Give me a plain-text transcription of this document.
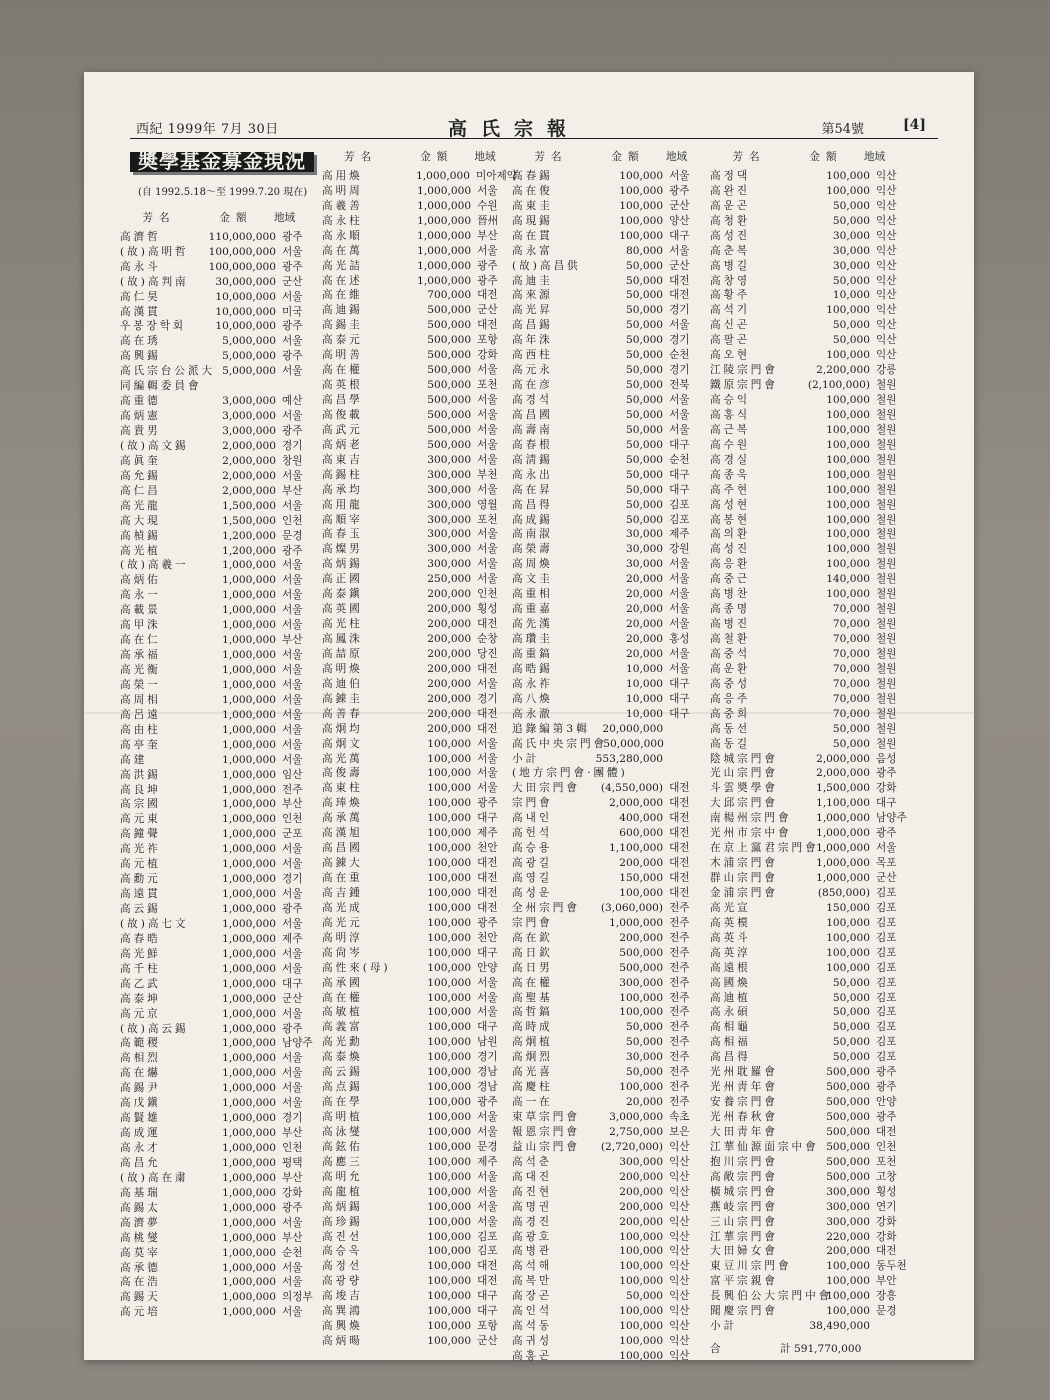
西紀 1999年 7月 30日	高氏宗報	第54號	[4]
奬學基金募金現況
(自 1992.5.18～至 1999.7.20 現在)
芳名	金額	地域
高濟哲	110,000,000 광주
(故)高明哲	100,000,000 서울
高永斗	100,000,000 광주
(故)高判南	30,000,000 군산
高仁昊	10,000,000 서울
高漢貫	10,000,000 미국
우봉장학회	10,000,000 광주
高在琇	5,000,000 서울
高興錫	5,000,000 광주
高氏宗台公派大 5,000,000 서울
同編輯委員會
高重德	3,000,000 예산
高炳憲	3,000,000 서울
高貴男	3,000,000 광주
(故)高文錫	2,000,000 경기
高眞奎	2,000,000 창원
高允錫	2,000,000 서울
高仁昌	2,000,000 부산
高光龍	1,500,000 서울
高大現	1,500,000 인천
高楨錫	1,200,000 문경
高光植	1,200,000 광주
(故)高羲一	1,000,000 서울
高炳佑	1,000,000 서울
高永一	1,000,000 서울
高載景	1,000,000 서울
高甲洙	1,000,000 서울
高在仁	1,000,000 부산
高承福	1,000,000 서울
高光衡	1,000,000 서울
高榮一	1,000,000 서울
高周相	1,000,000 서울
高呂遠	1,000,000 서울
高由柱	1,000,000 서울
高亭奎	1,000,000 서울
高建	1,000,000 서울
高洪錫	1,000,000 임산
高良坤	1,000,000 전주
高宗國	1,000,000 부산
高元東	1,000,000 인천
高鐘聲	1,000,000 군포
高光祚	1,000,000 서울
高元植	1,000,000 서울
高勳元	1,000,000 경기
高遠貫	1,000,000 서울
高云錫	1,000,000 광주
(故)高七文	1,000,000 서울
高春晧	1,000,000 제주
高光鮮	1,000,000 서울
高千柱	1,000,000 서울
高乙武	1,000,000 대구
高泰坤	1,000,000 군산
高元京	1,000,000 서울
(故)高云錫	1,000,000 광주
高範稷	1,000,000 남양주
高相烈	1,000,000 서울
高在爀	1,000,000 서울
高錫尹	1,000,000 서울
高戊鎭	1,000,000 서울
高賢雄	1,000,000 경기
高成運	1,000,000 부산
高永才	1,000,000 인천
高昌允	1,000,000 평택
(故)高在粛	1,000,000 부산
高基瑞	1,000,000 강화
高錫太	1,000,000 광주
高濟夢	1,000,000 서울
高桃燮	1,000,000 부산
高莫宰	1,000,000 순천
高承德	1,000,000 서울
高在浩	1,000,000 서울
高錫天	1,000,000 의정부
高元培	1,000,000 서울
芳名	金額	地域
高用煥	1,000,000 미아제약
高明周	1,000,000 서울
高羲善	1,000,000 수원
高永柱	1,000,000 晉州
高永順	1,000,000 부산
高在萬	1,000,000 서울
高光詰	1,000,000 광주
高在述	1,000,000 광주
高在維	700,000 대전
高迪錫	500,000 군산
高錫圭	500,000 대전
高泰元	500,000 포항
高明善	500,000 강화
高在權	500,000 서울
高英根	500,000 포천
高昌學	500,000 서울
高俊載	500,000 서울
高武元	500,000 서울
高炳老	500,000 서울
高東吉	300,000 서울
高錫柱	300,000 부천
高承均	300,000 서울
高用龍	300,000 영월
高順宰	300,000 포천
高春玉	300,000 서울
高燦男	300,000 서울
高炳錫	300,000 서울
高正國	250,000 서울
高泰鎭	200,000 인천
高英國	200,000 횡성
高光柱	200,000 대전
高鳳洙	200,000 순창
高喆原	200,000 당진
高明煥	200,000 대전
高迪伯	200,000 서울
高錬圭	200,000 경기
高善春	200,000 대전
高炯均	200,000 대전
高炯文	100,000 서울
高光萬	100,000 서울
高俊壽	100,000 서울
高東柱	100,000 서울
高琫煥	100,000 광주
高承萬	100,000 대구
高漢旭	100,000 제주
高昌國	100,000 천안
高錬大	100,000 대전
高在重	100,000 대전
高吉鍾	100,000 대전
高光成	100,000 대전
高光元	100,000 광주
高明淳	100,000 천안
高尙岑	100,000 대구
高性來(母)	100,000 안양
高承國	100,000 서울
高在權	100,000 서울
高敏植	100,000 서울
高義富	100,000 대구
高光勳	100,000 남원
高泰煥	100,000 경기
高云錫	100,000 경남
高点錫	100,000 경남
高在學	100,000 광주
高明植	100,000 서울
高泳燮	100,000 서울
高鉉佑	100,000 문경
高應三	100,000 제주
高明允	100,000 서울
高龍植	100,000 서울
高炳錫	100,000 서울
高珍錫	100,000 서울
高진선	100,000 김포
高승옥	100,000 김포
高정선	100,000 대전
高광량	100,000 대전
高埈吉	100,000 대구
高巽鴻	100,000 대구
高興煥	100,000 포항
高炳暘	100,000 군산
芳名	金額	地域
高春錫	100,000 서울
高在俊	100,000 광주
高東圭	100,000 군산
高現錫	100,000 양산
高在貫	100,000 대구
高永富	80,000 서울
(故)高昌供	50,000 군산
高迪圭	50,000 대전
高來源	50,000 대전
高光昇	50,000 경기
高昌錫	50,000 서울
高年洙	50,000 경기
高西柱	50,000 순천
高元永	50,000 경기
高在彦	50,000 전북
高경석	50,000 서울
高昌國	50,000 서울
高壽南	50,000 서울
高春根	50,000 대구
高淸錫	50,000 순천
高永出	50,000 대구
高在昇	50,000 대구
高昌得	50,000 김포
高成錫	50,000 김포
高南淑	30,000 제주
高榮壽	30,000 강원
高周煥	30,000 서울
高文圭	20,000 서울
高重相	20,000 서울
高重嘉	20,000 서울
高先漢	20,000 서울
高瓚圭	20,000 홍성
高重鎬	20,000 서울
高晧錫	10,000 서울
高永祚	10,000 대구
高八煥	10,000 대구
高永澈	10,000 대구
追錄編第3輯	20,000,000
高氏中央宗門會
50,000,000
小計	553,280,000
(地方宗門會·團體)
大田宗門會	(4,550,000) 대전
宗門會	2,000,000 대전
高내인	400,000 대전
高헌석	600,000 대전
高승용	1,100,000 대전
高광길	200,000 대전
高영길	150,000 대전
高성운	100,000 대전
全州宗門會	(3,060,000) 전주
宗門會	1,000,000 전주
高在欽	200,000 전주
高日欽	500,000 전주
高日男	500,000 전주
高在權	300,000 전주
高聖基	100,000 전주
高哲鎬	100,000 전주
高時成	50,000 전주
高炯植	50,000 전주
高炯烈	30,000 전주
高光喜	50,000 전주
高慶柱	100,000 전주
高一在	20,000 전주
束草宗門會	3,000,000 속초
報恩宗門會	2,750,000 보은
益山宗門會	(2,720,000) 익산
高석춘	300,000 익산
高대진	200,000 익산
高진현	200,000 익산
高명권	200,000 익산
高경진	200,000 익산
高광호	100,000 익산
高병관	100,000 익산
高석해	100,000 익산
高복만	100,000 익산
高장곤	50,000 익산
高인석	100,000 익산
高석동	100,000 익산
高귀성	100,000 익산
高홍곤	100,000 익산
芳名	金額	地域
高정댁	100,000 익산
高완진	100,000 익산
高운곤	50,000 익산
高청환	50,000 익산
高성진	30,000 익산
高춘복	30,000 익산
高병길	30,000 익산
高창영	50,000 익산
高황주	10,000 익산
高석기	100,000 익산
高신곤	50,000 익산
高팔곤	50,000 익산
高오현	100,000 익산
江陵宗門會	2,200,000 강릉
鐵原宗門會	(2,100,000) 철원
高승익	100,000 철원
高홍식	100,000 철원
高근복	100,000 철원
高수원	100,000 철원
高경실	100,000 철원
高종욱	100,000 철원
高주현	100,000 철원
高성현	100,000 철원
高봉현	100,000 철원
高의환	100,000 철원
高성진	100,000 철원
高응환	100,000 철원
高중근	140,000 철원
高병찬	100,000 철원
高종명	70,000 철원
高병진	70,000 철원
高철환	70,000 철원
高중석	70,000 철원
高운환	70,000 철원
高중성	70,000 철원
高응주	70,000 철원
高중희	70,000 철원
高동선	50,000 철원
高동길	50,000 철원
陰城宗門會	2,000,000 음성
光山宗門會	2,000,000 광주
斗雲奬學會	1,500,000 강화
大邱宗門會	1,100,000 대구
南楊州宗門會	1,000,000 남양주
光州市宗中會	1,000,000 광주
在京上黨君宗門會
1,000,000 서울
木浦宗門會	1,000,000 목포
群山宗門會	1,000,000 군산
金浦宗門會	(850,000) 김포
高光宣	150,000 김포
高英模	100,000 김포
高英斗	100,000 김포
高英淳	100,000 김포
高遠根	100,000 김포
高國煥	50,000 김포
高迪植	50,000 김포
高永碩	50,000 김포
高相龜	50,000 김포
高相福	50,000 김포
高昌得	50,000 김포
光州耽羅會	500,000 광주
光州靑年會	500,000 광주
安養宗門會	500,000 안양
光州春秋會	500,000 광주
大田靑年會	500,000 대전
江華仙源面宗中會 500,000 인천
抱川宗門會	500,000 포천
高敞宗門會	500,000 고창
橫城宗門會	300,000 횡성
燕岐宗門會	300,000 연기
三山宗門會	300,000 강화
江華宗門會	220,000 강화
大田婦女會	200,000 대전
東豆川宗門會	100,000 동두천
富平宗親會	100,000 부안
長興伯公大宗門中會
100,000 장흥
聞慶宗門會	100,000 문경
小計	38,490,000
合	計 591,770,000
